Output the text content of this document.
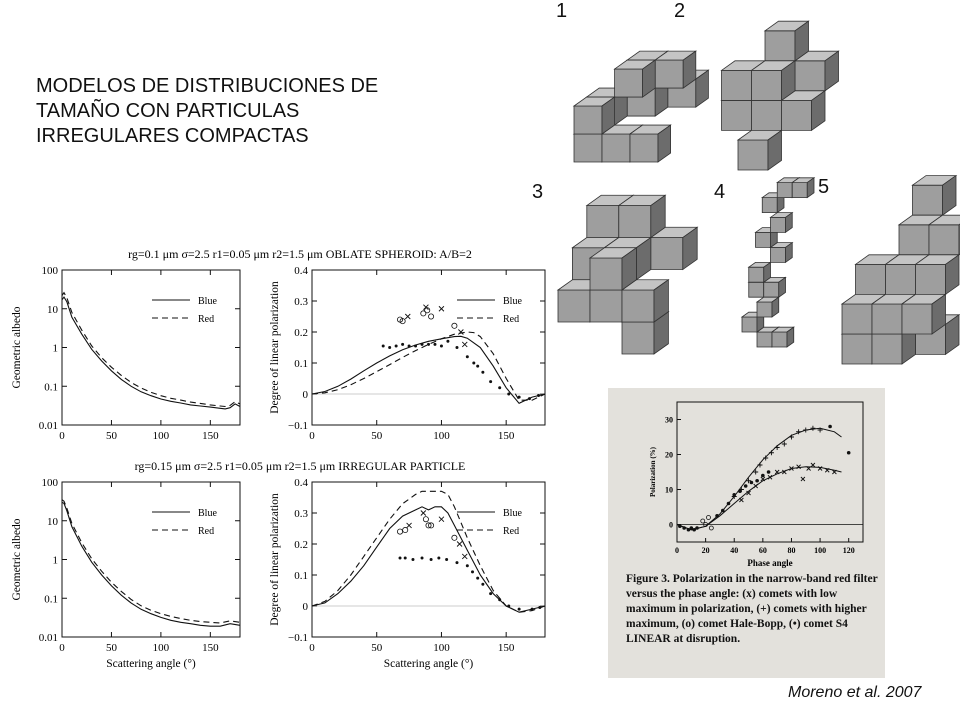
MODELOS DE DISTRIBUCIONES DE
TAMAÑO CON PARTICULAS
IRREGULARES COMPACTAS
1	2
3	4	5
rg=0.1 μm σ=2.5 r1=0.05 μm r2=1.5 μm OBLATE SPHEROID: A/B=2
rg=0.15 μm σ=2.5 r1=0.05 μm r2=1.5 μm IRREGULAR PARTICLE
0	50	100	150
0.01
0.1
1
10
100
Geometric albedo
Blue
Red
0	50	100	150
−0.1
0
0.1
0.2
0.3
0.4
Degree of linear polarization	Blue
Red
0	50	100	150
0.01
0.1
1
10
100
Geometric albedo
Scattering angle (°)
Blue
Red
0	50	100	150
−0.1
0
0.1
0.2
0.3
0.4
Degree of linear polarization
Scattering angle (°)
Blue
Red
0	20	40	60	80 100 120
0
10
20
30
Polarization (%)
Phase angle
Figure 3. Polarization in the narrow-band red filter versus the phase angle: (x) comets with low maximum in polarization, (+) comets with higher maximum, (o) comet Hale-Bopp, (•) comet S4 LINEAR at disruption.
Moreno et al. 2007
